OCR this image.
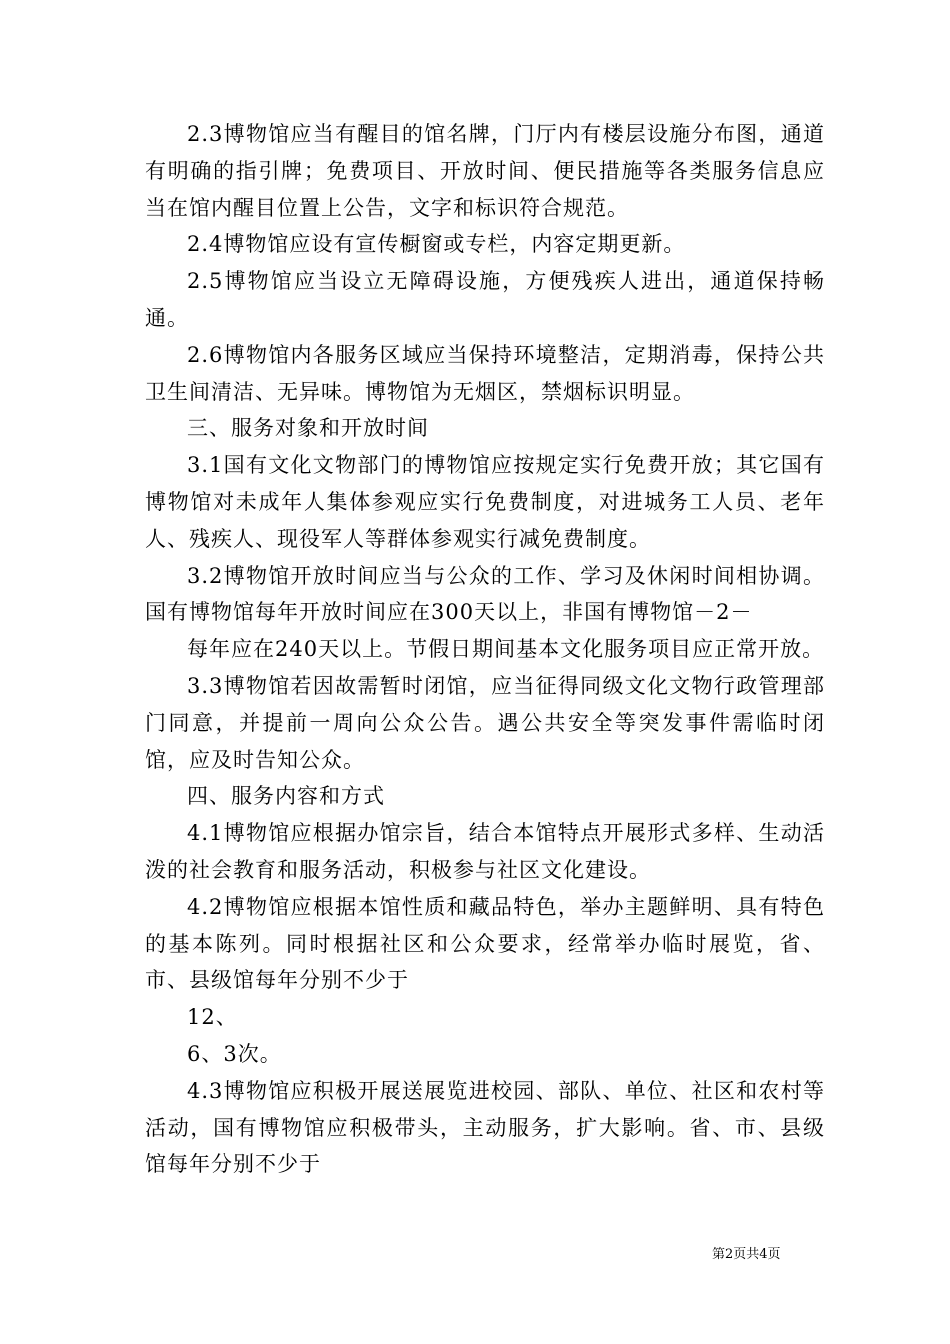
2.3博物馆应当有醒目的馆名牌，门厅内有楼层设施分布图，通道有明确的指引牌；免费项目、开放时间、便民措施等各类服务信息应当在馆内醒目位置上公告，文字和标识符合规范。

2.4博物馆应设有宣传橱窗或专栏，内容定期更新。

2.5博物馆应当设立无障碍设施，方便残疾人进出，通道保持畅通。

2.6博物馆内各服务区域应当保持环境整洁，定期消毒，保持公共卫生间清洁、无异味。博物馆为无烟区，禁烟标识明显。

三、服务对象和开放时间

3.1国有文化文物部门的博物馆应按规定实行免费开放；其它国有博物馆对未成年人集体参观应实行免费制度，对进城务工人员、老年人、残疾人、现役军人等群体参观实行减免费制度。

3.2博物馆开放时间应当与公众的工作、学习及休闲时间相协调。国有博物馆每年开放时间应在300天以上，非国有博物馆－2－

每年应在240天以上。节假日期间基本文化服务项目应正常开放。

3.3博物馆若因故需暂时闭馆，应当征得同级文化文物行政管理部门同意，并提前一周向公众公告。遇公共安全等突发事件需临时闭馆，应及时告知公众。

四、服务内容和方式

4.1博物馆应根据办馆宗旨，结合本馆特点开展形式多样、生动活泼的社会教育和服务活动，积极参与社区文化建设。

4.2博物馆应根据本馆性质和藏品特色，举办主题鲜明、具有特色的基本陈列。同时根据社区和公众要求，经常举办临时展览，省、市、县级馆每年分别不少于

12、

6、3次。

4.3博物馆应积极开展送展览进校园、部队、单位、社区和农村等活动，国有博物馆应积极带头，主动服务，扩大影响。省、市、县级馆每年分别不少于

第2页共4页
